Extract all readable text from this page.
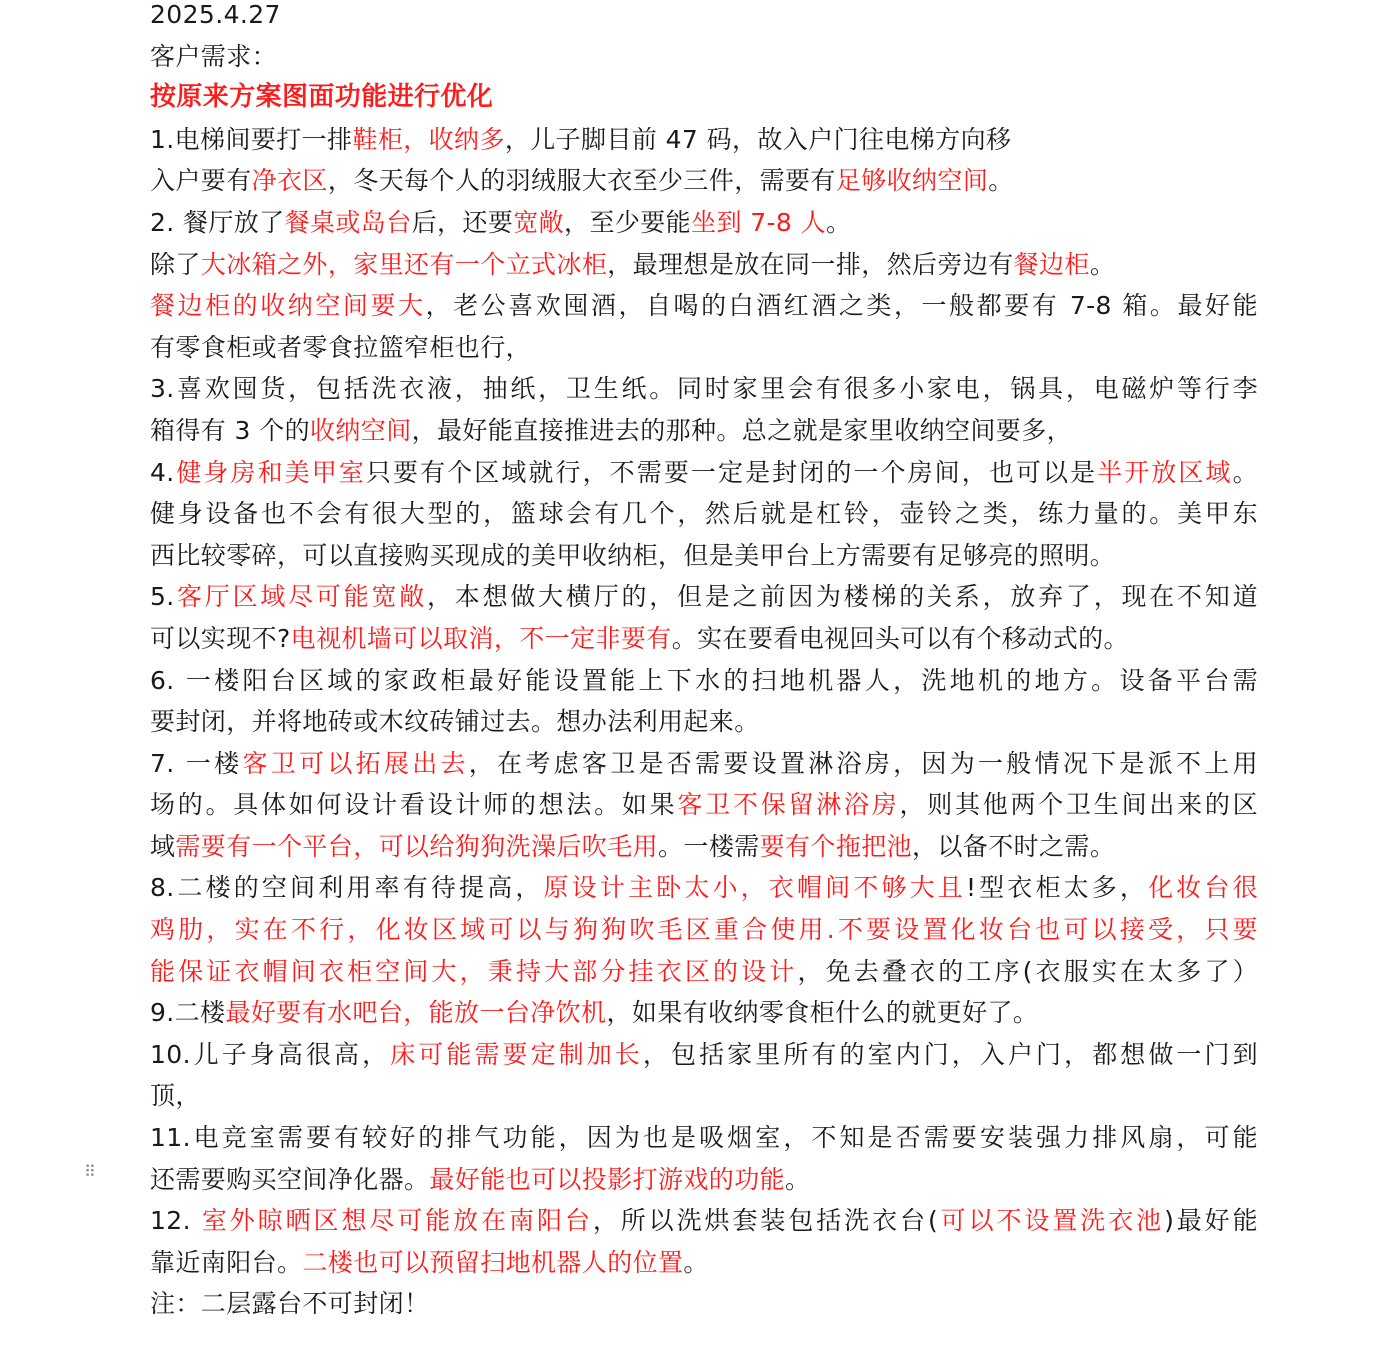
2025.4.27
客户需求：
按原来方案图面功能进行优化
1.电梯间要打一排鞋柜，收纳多，儿子脚目前 47 码，故入户门往电梯方向移
入户要有净衣区，冬天每个人的羽绒服大衣至少三件，需要有足够收纳空间。
2. 餐厅放了餐桌或岛台后，还要宽敞，至少要能坐到 7-8 人。
除了大冰箱之外，家里还有一个立式冰柜，最理想是放在同一排，然后旁边有餐边柜。
餐边柜的收纳空间要大，老公喜欢囤酒，自喝的白酒红酒之类，一般都要有 7-8 箱。最好能
有零食柜或者零食拉篮窄柜也行，
3.喜欢囤货，包括洗衣液，抽纸，卫生纸。同时家里会有很多小家电，锅具，电磁炉等行李
箱得有 3 个的收纳空间，最好能直接推进去的那种。总之就是家里收纳空间要多，
4.健身房和美甲室只要有个区域就行，不需要一定是封闭的一个房间，也可以是半开放区域。
健身设备也不会有很大型的，篮球会有几个，然后就是杠铃，壶铃之类，练力量的。美甲东
西比较零碎，可以直接购买现成的美甲收纳柜，但是美甲台上方需要有足够亮的照明。
5.客厅区域尽可能宽敞，本想做大横厅的，但是之前因为楼梯的关系，放弃了，现在不知道
可以实现不?电视机墙可以取消，不一定非要有。实在要看电视回头可以有个移动式的。
6. 一楼阳台区域的家政柜最好能设置能上下水的扫地机器人，洗地机的地方。设备平台需
要封闭，并将地砖或木纹砖铺过去。想办法利用起来。
7. 一楼客卫可以拓展出去，在考虑客卫是否需要设置淋浴房，因为一般情况下是派不上用
场的。具体如何设计看设计师的想法。如果客卫不保留淋浴房，则其他两个卫生间出来的区
域需要有一个平台，可以给狗狗洗澡后吹毛用。一楼需要有个拖把池，以备不时之需。
8.二楼的空间利用率有待提高，原设计主卧太小，衣帽间不够大且!型衣柜太多，化妆台很
鸡肋，实在不行，化妆区域可以与狗狗吹毛区重合使用.不要设置化妆台也可以接受，只要
能保证衣帽间衣柜空间大，秉持大部分挂衣区的设计，免去叠衣的工序(衣服实在太多了）
9.二楼最好要有水吧台，能放一台净饮机，如果有收纳零食柜什么的就更好了。
10.儿子身高很高，床可能需要定制加长，包括家里所有的室内门，入户门，都想做一门到
顶，
11.电竞室需要有较好的排气功能，因为也是吸烟室，不知是否需要安装强力排风扇，可能
还需要购买空间净化器。最好能也可以投影打游戏的功能。
12. 室外晾晒区想尽可能放在南阳台，所以洗烘套装包括洗衣台(可以不设置洗衣池)最好能
靠近南阳台。二楼也可以预留扫地机器人的位置。
注：二层露台不可封闭！
⠿
